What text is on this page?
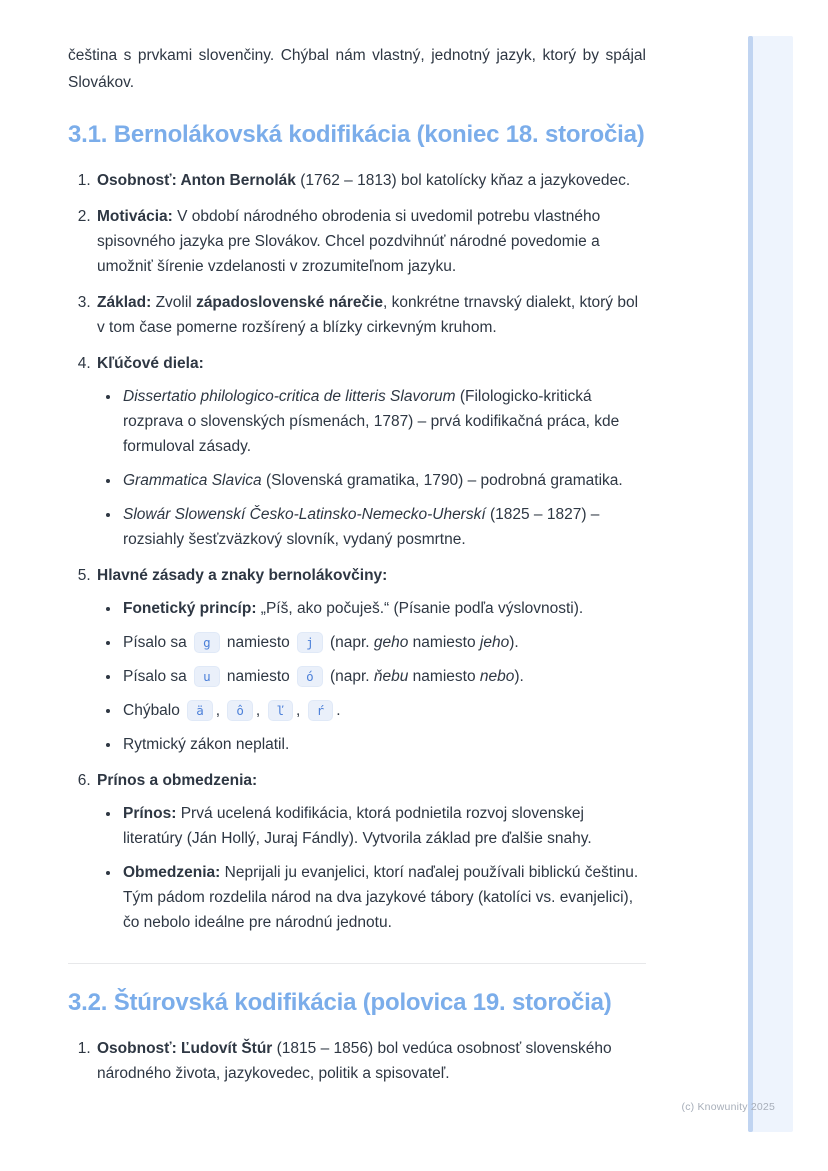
čeština s prvkami slovenčiny. Chýbal nám vlastný, jednotný jazyk, ktorý by spájal Slovákov.

3.1. Bernolákovská kodifikácia (koniec 18. storočia)
1. Osobnosť: Anton Bernolák (1762 – 1813) bol katolícky kňaz a jazykovedec.
2. Motivácia: V období národného obrodenia si uvedomil potrebu vlastného spisovného jazyka pre Slovákov. Chcel pozdvihnúť národné povedomie a umožniť šírenie vzdelanosti v zrozumiteľnom jazyku.
3. Základ: Zvolil západoslovenské nárečie, konkrétne trnavský dialekt, ktorý bol v tom čase pomerne rozšírený a blízky cirkevným kruhom.
4. Kľúčové diela:
• Dissertatio philologico-critica de litteris Slavorum (Filologicko-kritická rozprava o slovenských písmenách, 1787) – prvá kodifikačná práca, kde formuloval zásady.
• Grammatica Slavica (Slovenská gramatika, 1790) – podrobná gramatika.
• Slowár Slowenskí Česko-Latinsko-Nemecko-Uherskí (1825 – 1827) – rozsiahly šesťzväzkový slovník, vydaný posmrtne.
5. Hlavné zásady a znaky bernolákovčiny:
• Fonetický princíp: „Píš, ako počuješ.“ (Písanie podľa výslovnosti).
• Písalo sa g namiesto j (napr. geho namiesto jeho).
• Písalo sa u namiesto ó (napr. ňebu namiesto nebo).
• Chýbalo ä , ô , ľ , ŕ .
• Rytmický zákon neplatil.
6. Prínos a obmedzenia:
• Prínos: Prvá ucelená kodifikácia, ktorá podnietila rozvoj slovenskej literatúry (Ján Hollý, Juraj Fándly). Vytvorila základ pre ďalšie snahy.
• Obmedzenia: Neprijali ju evanjelici, ktorí naďalej používali biblickú češtinu. Tým pádom rozdelila národ na dva jazykové tábory (katolíci vs. evanjelici), čo nebolo ideálne pre národnú jednotu.
3.2. Štúrovská kodifikácia (polovica 19. storočia)
1. Osobnosť: Ľudovít Štúr (1815 – 1856) bol vedúca osobnosť slovenského národného života, jazykovedec, politik a spisovateľ.
(c) Knowunity 2025
